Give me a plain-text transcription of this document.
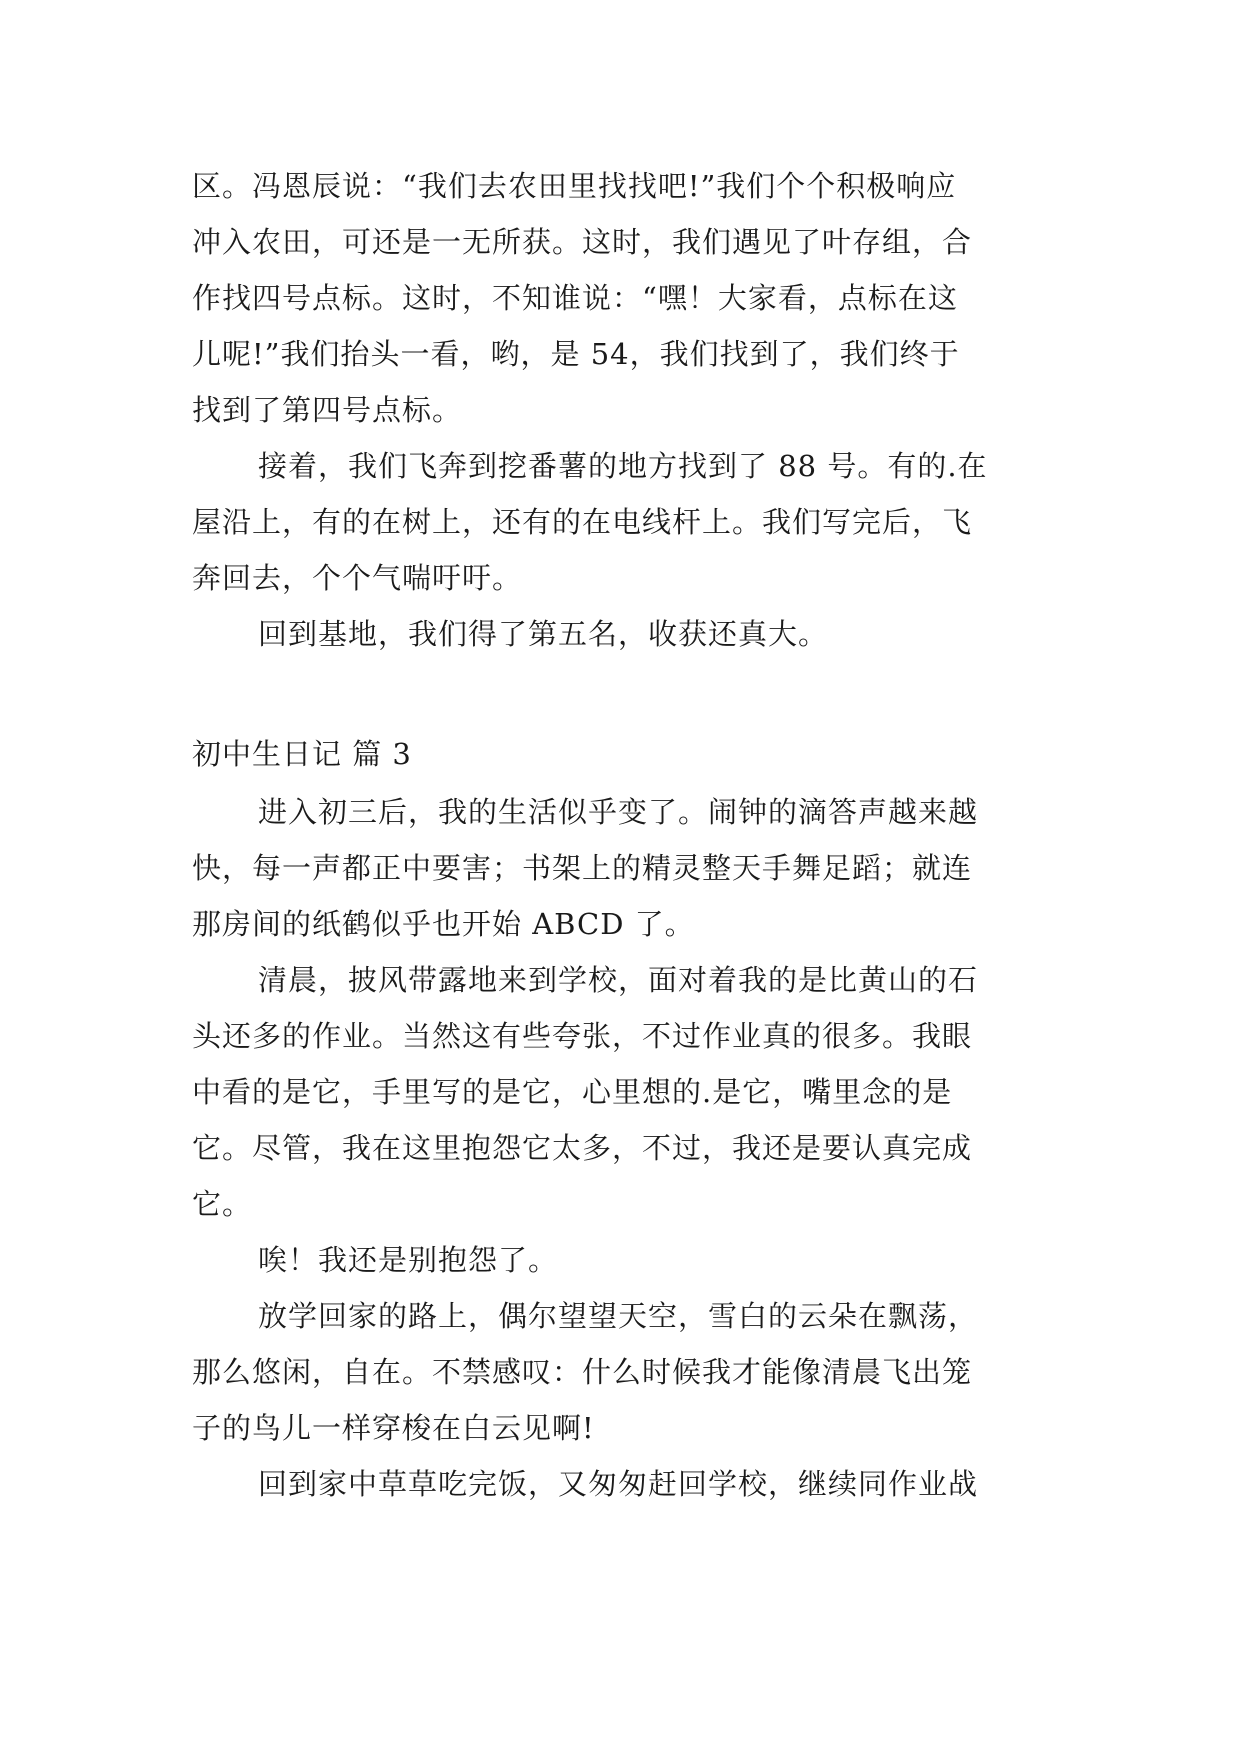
区。冯恩辰说：“我们去农田里找找吧!”我们个个积极响应
冲入农田，可还是一无所获。这时，我们遇见了叶存组，合
作找四号点标。这时，不知谁说：“嘿！大家看，点标在这
儿呢!”我们抬头一看，哟，是 54，我们找到了，我们终于
找到了第四号点标。
接着，我们飞奔到挖番薯的地方找到了 88 号。有的.在
屋沿上，有的在树上，还有的在电线杆上。我们写完后，飞
奔回去，个个气喘吁吁。
回到基地，我们得了第五名，收获还真大。
初中生日记 篇 3
进入初三后，我的生活似乎变了。闹钟的滴答声越来越
快，每一声都正中要害；书架上的精灵整天手舞足蹈；就连
那房间的纸鹤似乎也开始 ABCD 了。
清晨，披风带露地来到学校，面对着我的是比黄山的石
头还多的作业。当然这有些夸张，不过作业真的很多。我眼
中看的是它，手里写的是它，心里想的.是它，嘴里念的是
它。尽管，我在这里抱怨它太多，不过，我还是要认真完成
它。
唉！我还是别抱怨了。
放学回家的路上，偶尔望望天空，雪白的云朵在飘荡，
那么悠闲，自在。不禁感叹：什么时候我才能像清晨飞出笼
子的鸟儿一样穿梭在白云见啊!
回到家中草草吃完饭，又匆匆赶回学校，继续同作业战
